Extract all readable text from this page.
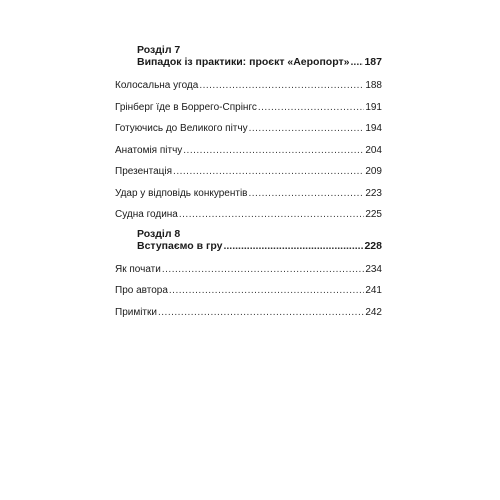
Розділ 7
Випадок із практики: проєкт «Аеропорт» ..... 187
Колосальна угода .....	188
Грінберг їде в Боррего-Спрінгс .....	191
Готуючись до Великого пітчу .....	194
Анатомія пітчу .....	204
Презентація .....	209
Удар у відповідь конкурентів .....	223
Судна година .....	225
Розділ 8
Вступаємо в гру .....	228
Як почати .....	234
Про автора .....	241
Примітки .....	242
